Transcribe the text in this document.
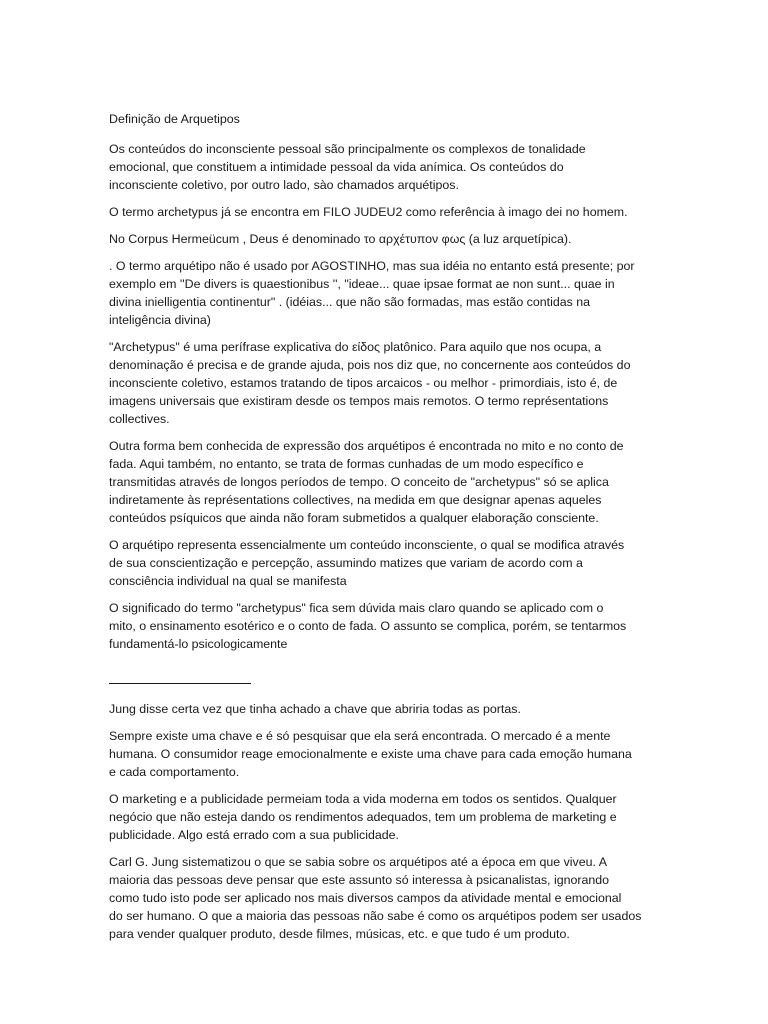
Definição de Arquetipos

Os conteúdos do inconsciente pessoal são principalmente os complexos de tonalidade
emocional, que constituem a intimidade pessoal da vida anímica. Os conteúdos do
inconsciente coletivo, por outro lado, sào chamados arquétipos.

O termo archetypus já se encontra em FILO JUDEU2 como referência à imago dei no homem.

No Corpus Hermeücum , Deus é denominado το αρχέτυπον φως (a luz arquetípica).

. O termo arquétipo não é usado por AGOSTINHO, mas sua idéia no entanto está presente; por
exemplo em ''De divers is quaestionibus '', "ideae... quae ipsae format ae non sunt... quae in
divina inielligentia continentur" . (idéias... que não são formadas, mas estão contidas na
inteligência divina)

"Archetypus" é uma perífrase explicativa do είδος platônico. Para aquilo que nos ocupa, a
denominação é precisa e de grande ajuda, pois nos diz que, no concernente aos conteúdos do
inconsciente coletivo, estamos tratando de tipos arcaicos - ou melhor - primordiais, isto é, de
imagens universais que existiram desde os tempos mais remotos. O termo représentations
collectives.

Outra forma bem conhecida de expressão dos arquétipos é encontrada no mito e no conto de
fada. Aqui também, no entanto, se trata de formas cunhadas de um modo específico e
transmitidas através de longos períodos de tempo. O conceito de "archetypus" só se aplica
indiretamente às représentations collectives, na medida em que designar apenas aqueles
conteúdos psíquicos que ainda não foram submetidos a qualquer elaboração consciente.

O arquétipo representa essencialmente um conteúdo inconsciente, o qual se modifica através
de sua conscientização e percepção, assumindo matizes que variam de acordo com a
consciência individual na qual se manifesta

O significado do termo "archetypus" fica sem dúvida mais claro quando se aplicado com o
mito, o ensinamento esotérico e o conto de fada. O assunto se complica, porém, se tentarmos
fundamentá-lo psicologicamente

Jung disse certa vez que tinha achado a chave que abriria todas as portas.

Sempre existe uma chave e é só pesquisar que ela será encontrada. O mercado é a mente
humana. O consumidor reage emocionalmente e existe uma chave para cada emoção humana
e cada comportamento.

O marketing e a publicidade permeiam toda a vida moderna em todos os sentidos. Qualquer
negócio que não esteja dando os rendimentos adequados, tem um problema de marketing e
publicidade. Algo está errado com a sua publicidade.

Carl G. Jung sistematizou o que se sabia sobre os arquétipos até a época em que viveu. A
maioria das pessoas deve pensar que este assunto só interessa à psicanalistas, ignorando
como tudo isto pode ser aplicado nos mais diversos campos da atividade mental e emocional
do ser humano. O que a maioria das pessoas não sabe é como os arquétipos podem ser usados
para vender qualquer produto, desde filmes, músicas, etc. e que tudo é um produto.
